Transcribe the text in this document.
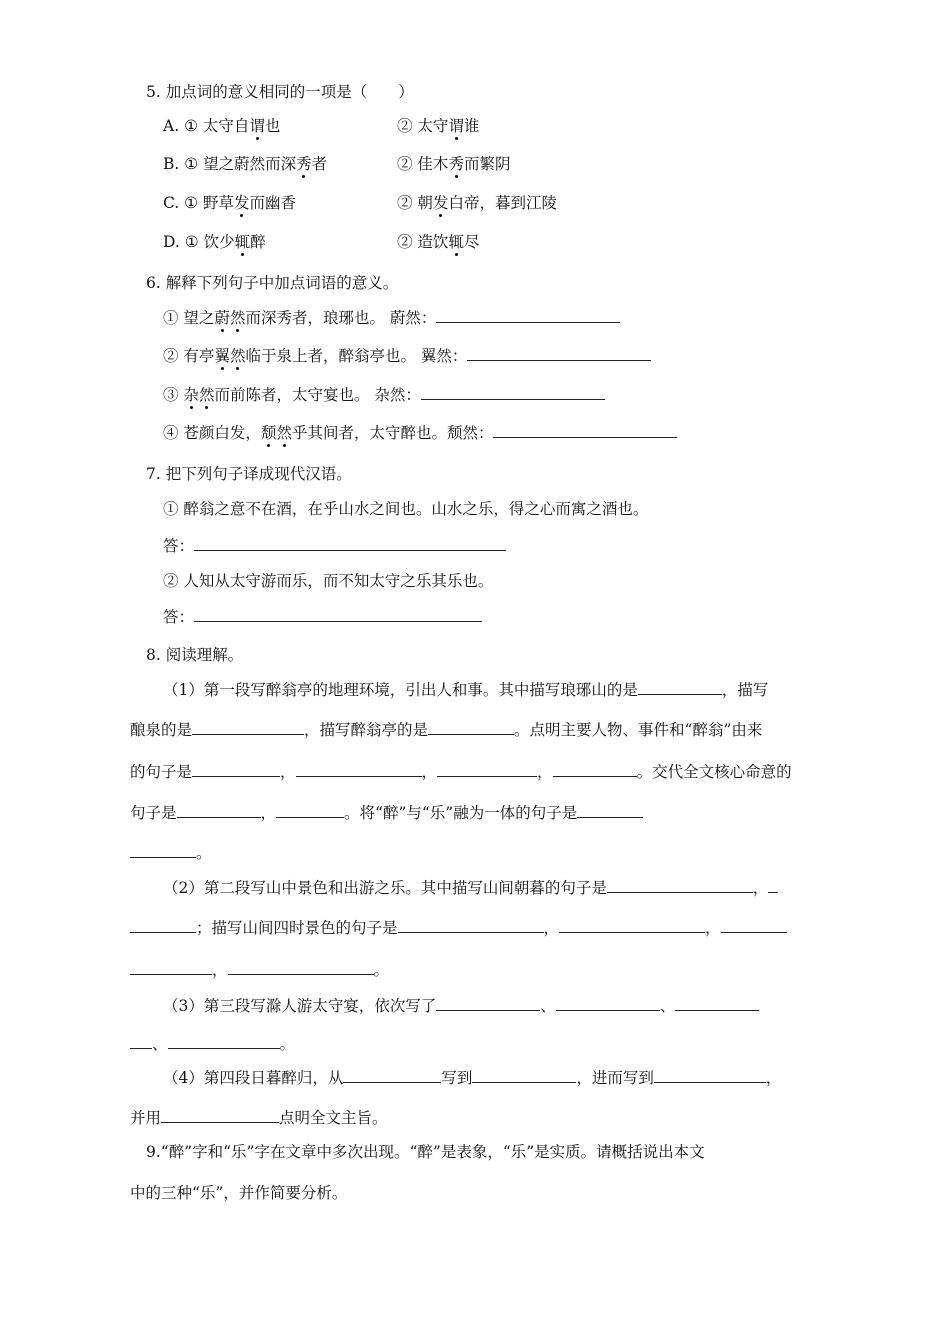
5. 加点词的意义相同的一项是（　　）
A. ① 太守自谓也	② 太守谓谁
B. ① 望之蔚然而深秀者	② 佳木秀而繁阴
C. ① 野草发而幽香	② 朝发白帝，暮到江陵
D. ① 饮少辄醉	② 造饮辄尽
6. 解释下列句子中加点词语的意义。
① 望之蔚然而深秀者，琅琊也。 蔚然：
② 有亭翼然临于泉上者，醉翁亭也。 翼然：
③ 杂然而前陈者，太守宴也。 杂然：
④ 苍颜白发，颓然乎其间者，太守醉也。颓然：
7. 把下列句子译成现代汉语。
① 醉翁之意不在酒，在乎山水之间也。山水之乐，得之心而寓之酒也。
答：
② 人知从太守游而乐，而不知太守之乐其乐也。
答：
8. 阅读理解。
（1）第一段写醉翁亭的地理环境，引出人和事。其中描写琅琊山的是	，描写
酿泉的是	，描写醉翁亭的是	。点明主要人物、事件和“醉翁”由来
的句子是	，	，	，	。交代全文核心命意的
句子是	，	。将“醉”与“乐”融为一体的句子是
。
（2）第二段写山中景色和出游之乐。其中描写山间朝暮的句子是	，
；描写山间四时景色的句子是	，	，
，	。
（3）第三段写滁人游太守宴，依次写了	、	、
、	。
（4）第四段日暮醉归，从	写到	，进而写到	，
并用	点明全文主旨。
9.“醉”字和“乐”字在文章中多次出现。“醉”是表象，“乐”是实质。请概括说出本文
中的三种“乐”，并作简要分析。
